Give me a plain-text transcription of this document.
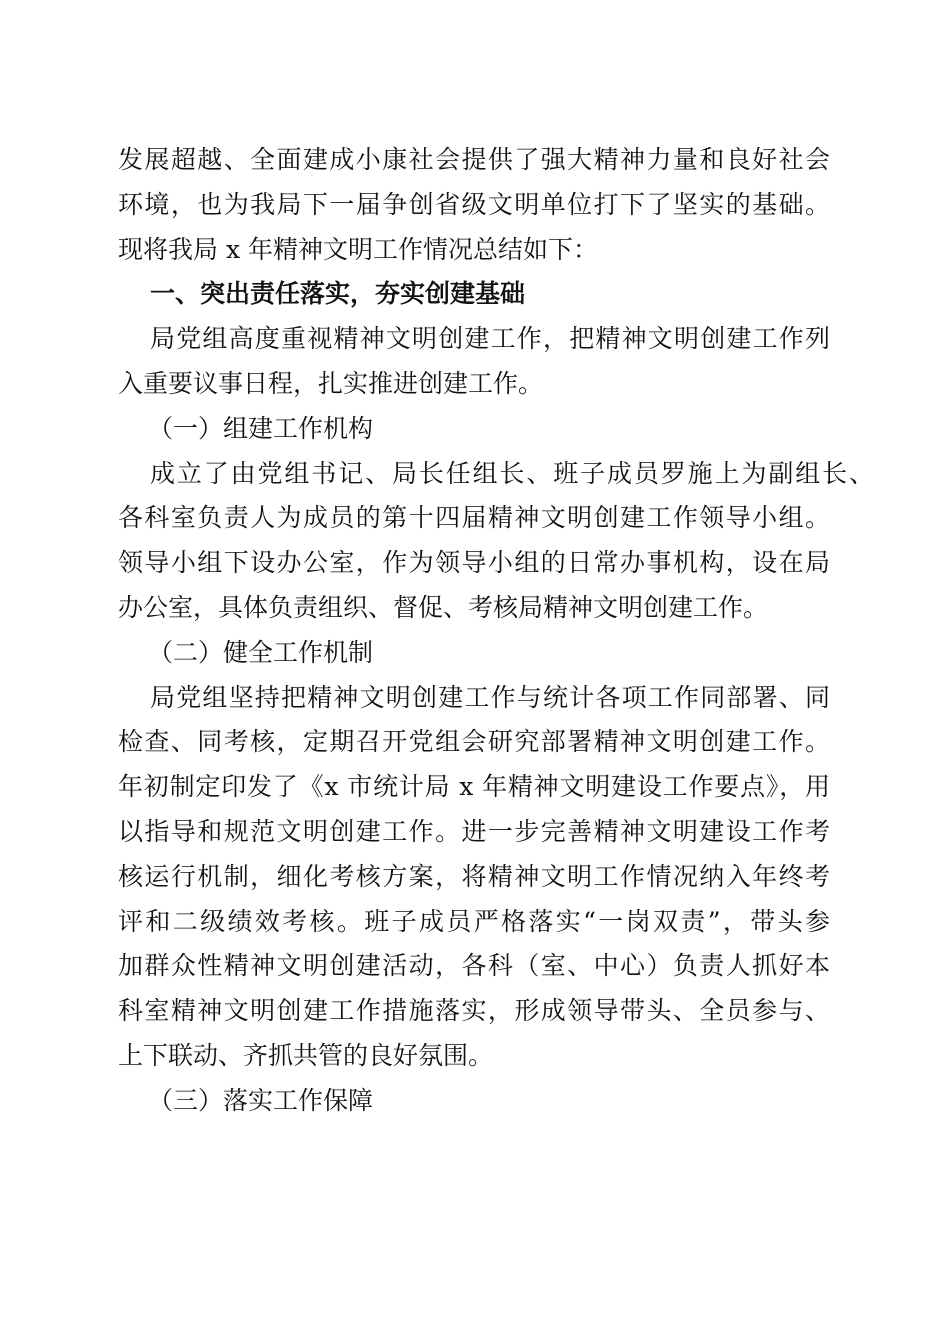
发展超越、全面建成小康社会提供了强大精神力量和良好社会
环境，也为我局下一届争创省级文明单位打下了坚实的基础。
现将我局 x 年精神文明工作情况总结如下：
一、突出责任落实，夯实创建基础
局党组高度重视精神文明创建工作，把精神文明创建工作列
入重要议事日程，扎实推进创建工作。
（一）组建工作机构
成立了由党组书记、局长任组长、班子成员罗施上为副组长、
各科室负责人为成员的第十四届精神文明创建工作领导小组。
领导小组下设办公室，作为领导小组的日常办事机构，设在局
办公室，具体负责组织、督促、考核局精神文明创建工作。
（二）健全工作机制
局党组坚持把精神文明创建工作与统计各项工作同部署、同
检查、同考核，定期召开党组会研究部署精神文明创建工作。
年初制定印发了《x 市统计局 x 年精神文明建设工作要点》，用
以指导和规范文明创建工作。进一步完善精神文明建设工作考
核运行机制，细化考核方案，将精神文明工作情况纳入年终考
评和二级绩效考核。班子成员严格落实“一岗双责”，带头参
加群众性精神文明创建活动，各科（室、中心）负责人抓好本
科室精神文明创建工作措施落实，形成领导带头、全员参与、
上下联动、齐抓共管的良好氛围。
（三）落实工作保障
